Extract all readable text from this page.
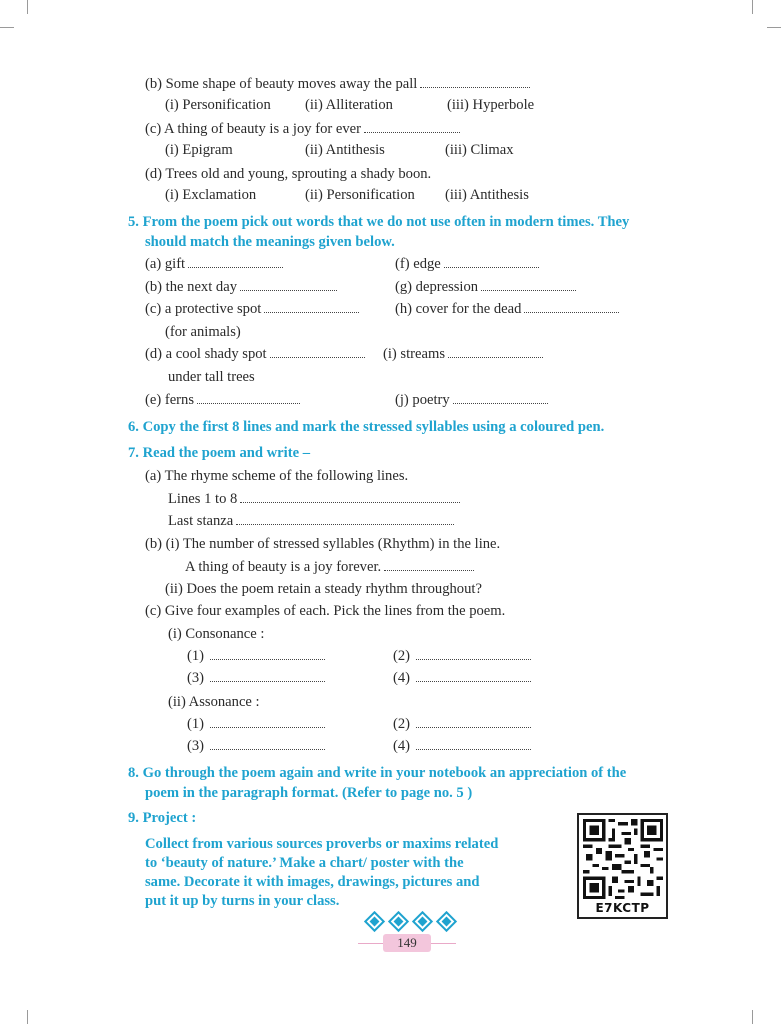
(b) Some shape of beauty moves away the pall
(i) Personification (ii) Alliteration	(iii) Hyperbole
(c) A thing of beauty is a joy for ever
(i) Epigram	(ii) Antithesis	(iii) Climax
(d) Trees old and young, sprouting a shady boon.
(i) Exclamation	(ii) Personification (iii) Antithesis
5. From the poem pick out words that we do not use often in modern times. They
should match the meanings given below.
(a) gift	(f) edge
(b) the next day	(g) depression
(c) a protective spot	(h) cover for the dead
(for animals)
(d) a cool shady spot	(i) streams
under tall trees
(e) ferns	(j) poetry
6. Copy the first 8 lines and mark the stressed syllables using a coloured pen.
7. Read the poem and write –
(a) The rhyme scheme of the following lines.
Lines 1 to 8
Last stanza
(b) (i) The number of stressed syllables (Rhythm) in the line.
A thing of beauty is a joy forever.
(ii) Does the poem retain a steady rhythm throughout?
(c) Give four examples of each. Pick the lines from the poem.
(i) Consonance :
(1)	(2)
(3)	(4)
(ii) Assonance :
(1)	(2)
(3)	(4)
8. Go through the poem again and write in your notebook an appreciation of the
poem in the paragraph format. (Refer to page no. 5 )
9. Project :
Collect from various sources proverbs or maxims related
to ‘beauty of nature.’ Make a chart/ poster with the
same. Decorate it with images, drawings, pictures and
put it up by turns in your class.	E7KCTP
149
